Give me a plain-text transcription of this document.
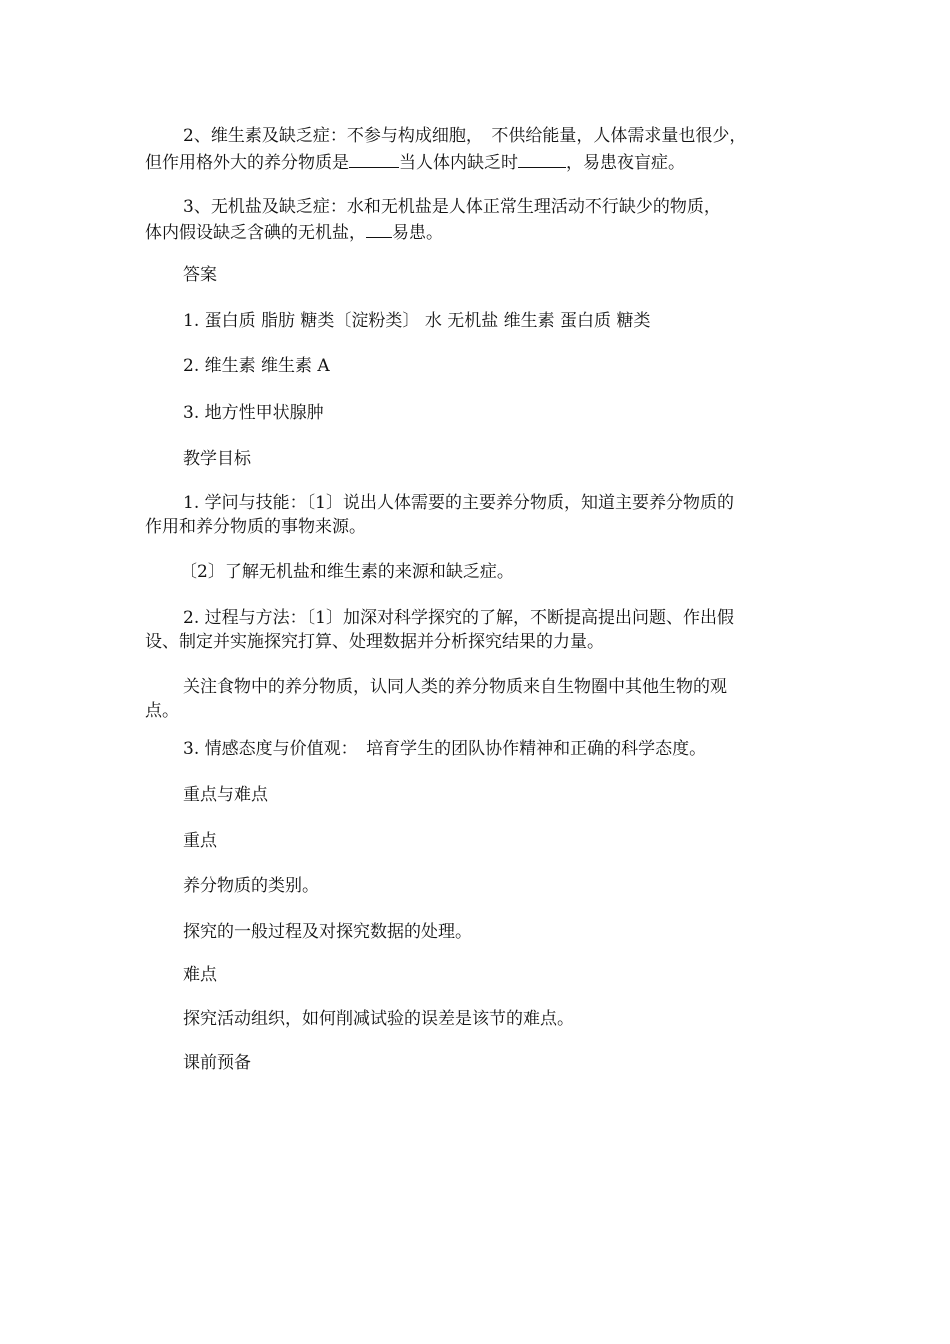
2、维生素及缺乏症：不参与构成细胞，　不供给能量，人体需求量也很少，

但作用格外大的养分物质是	当人体内缺乏时	，易患夜盲症。

3、无机盐及缺乏症：水和无机盐是人体正常生理活动不行缺少的物质，

体内假设缺乏含碘的无机盐， 易患。

答案

1. 蛋白质 脂肪 糖类〔淀粉类〕 水 无机盐 维生素 蛋白质 糖类

2. 维生素 维生素 A

3. 地方性甲状腺肿

教学目标

1. 学问与技能：〔1〕说出人体需要的主要养分物质，知道主要养分物质的

作用和养分物质的事物来源。

〔2〕了解无机盐和维生素的来源和缺乏症。

2. 过程与方法：〔1〕加深对科学探究的了解，不断提高提出问题、作出假

设、制定并实施探究打算、处理数据并分析探究结果的力量。

关注食物中的养分物质，认同人类的养分物质来自生物圈中其他生物的观

点。

3. 情感态度与价值观：　培育学生的团队协作精神和正确的科学态度。

重点与难点

重点

养分物质的类别。

探究的一般过程及对探究数据的处理。

难点

探究活动组织，如何削减试验的误差是该节的难点。

课前预备
